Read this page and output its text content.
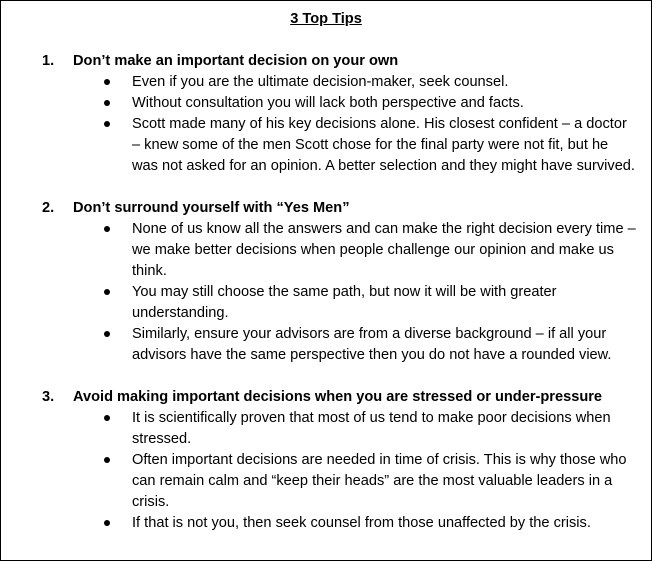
3 Top Tips
1. Don’t make an important decision on your own
Even if you are the ultimate decision-maker, seek counsel.
Without consultation you will lack both perspective and facts.
Scott made many of his key decisions alone. His closest confident – a doctor – knew some of the men Scott chose for the final party were not fit, but he was not asked for an opinion. A better selection and they might have survived.
2. Don’t surround yourself with “Yes Men”
None of us know all the answers and can make the right decision every time – we make better decisions when people challenge our opinion and make us think.
You may still choose the same path, but now it will be with greater understanding.
Similarly, ensure your advisors are from a diverse background – if all your advisors have the same perspective then you do not have a rounded view.
3. Avoid making important decisions when you are stressed or under-pressure
It is scientifically proven that most of us tend to make poor decisions when stressed.
Often important decisions are needed in time of crisis. This is why those who can remain calm and “keep their heads” are the most valuable leaders in a crisis.
If that is not you, then seek counsel from those unaffected by the crisis.
